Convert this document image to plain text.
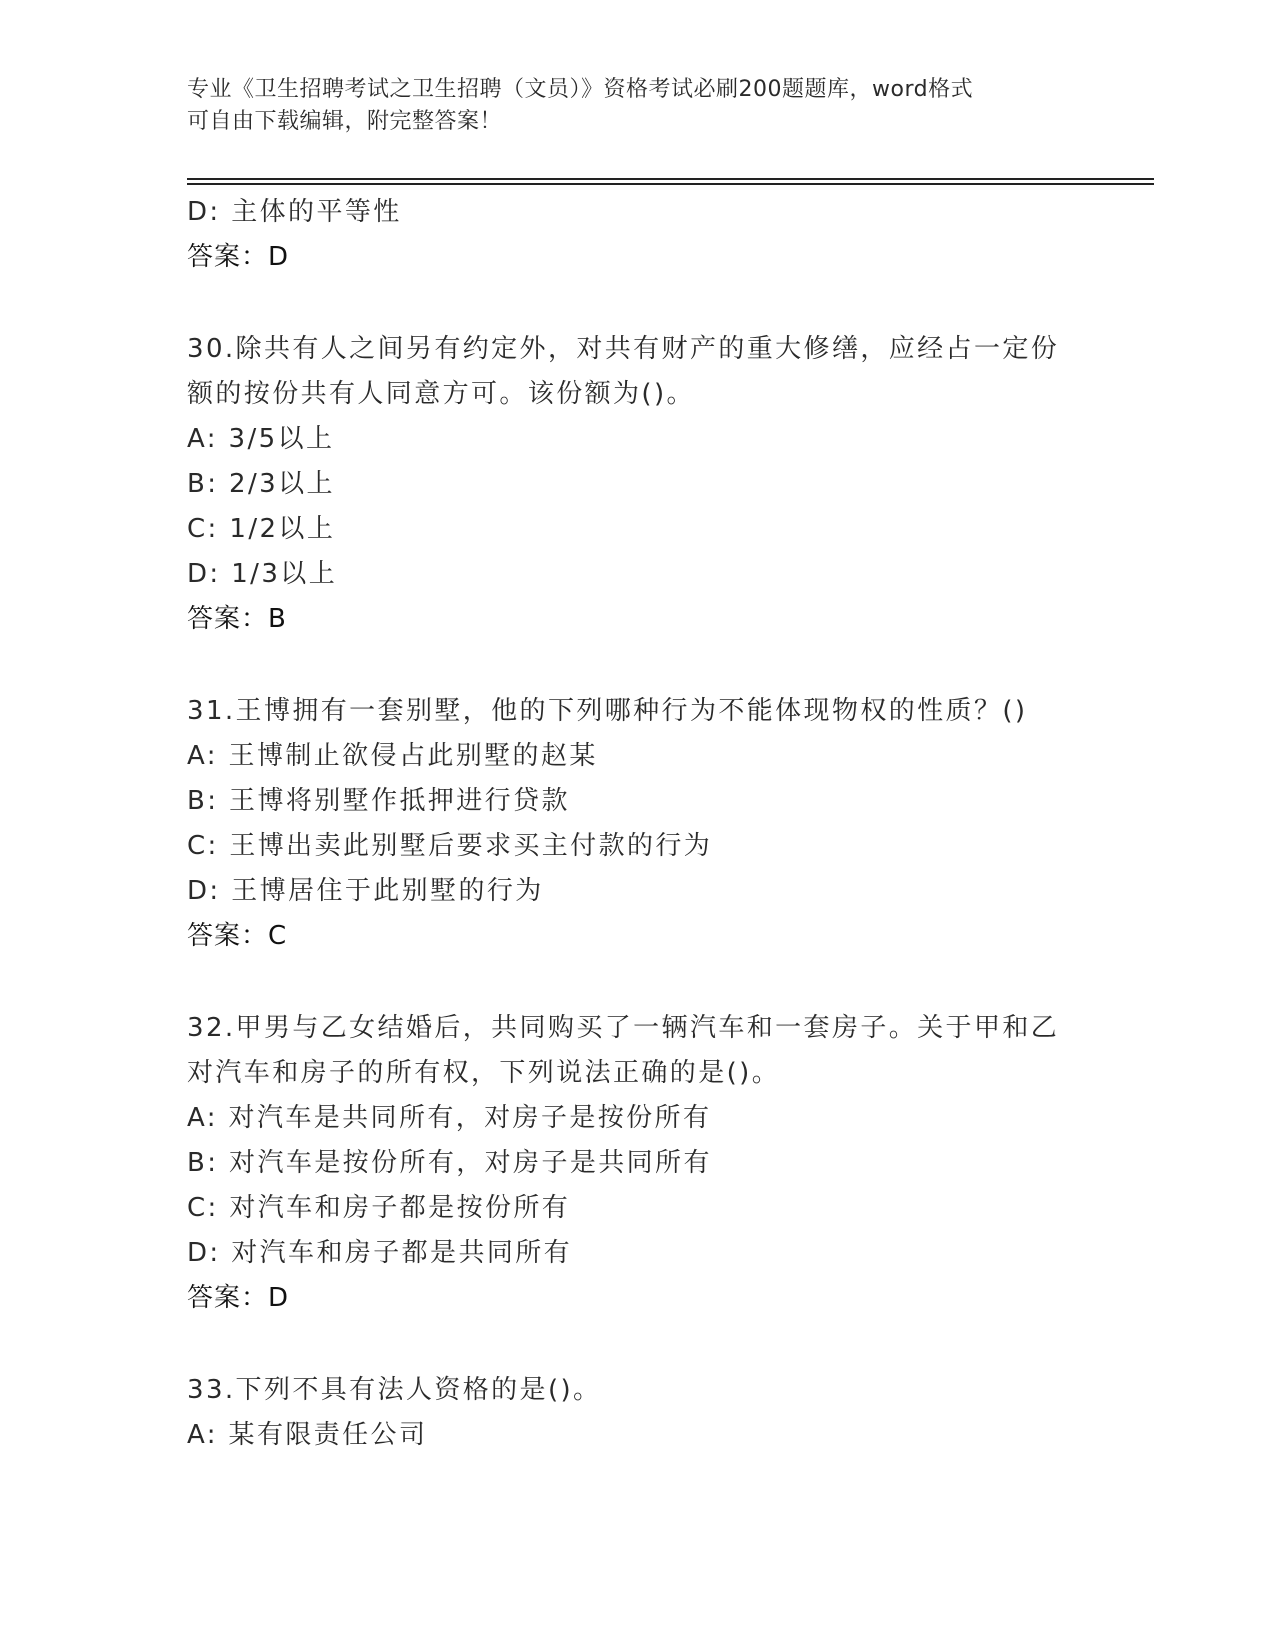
专业《卫生招聘考试之卫生招聘（文员）》资格考试必刷200题题库，word格式
可自由下载编辑，附完整答案！
D: 主体的平等性
答案：D
30.除共有人之间另有约定外，对共有财产的重大修缮，应经占一定份
额的按份共有人同意方可。该份额为()。
A: 3/5以上
B: 2/3以上
C: 1/2以上
D: 1/3以上
答案：B
31.王博拥有一套别墅，他的下列哪种行为不能体现物权的性质？()
A: 王博制止欲侵占此别墅的赵某
B: 王博将别墅作抵押进行贷款
C: 王博出卖此别墅后要求买主付款的行为
D: 王博居住于此别墅的行为
答案：C
32.甲男与乙女结婚后，共同购买了一辆汽车和一套房子。关于甲和乙
对汽车和房子的所有权，下列说法正确的是()。
A: 对汽车是共同所有，对房子是按份所有
B: 对汽车是按份所有，对房子是共同所有
C: 对汽车和房子都是按份所有
D: 对汽车和房子都是共同所有
答案：D
33.下列不具有法人资格的是()。
A: 某有限责任公司
